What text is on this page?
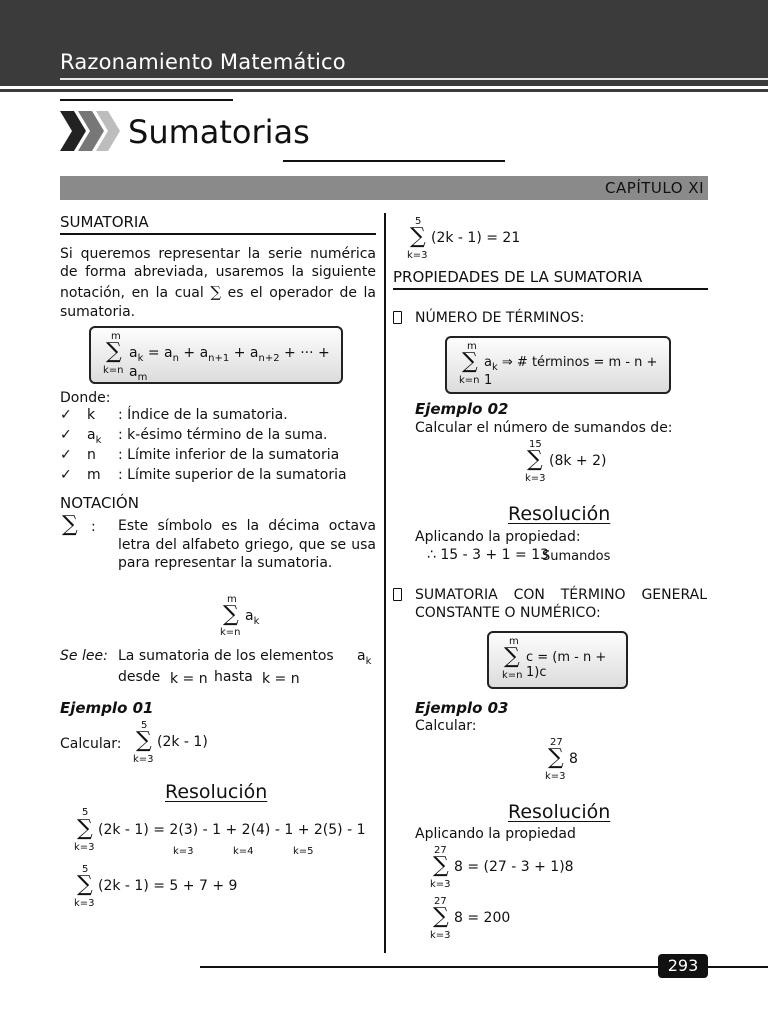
Razonamiento Matemático
Sumatorias
CAPÍTULO XI
SUMATORIA
Si queremos representar la serie numérica de forma abreviada, usaremos la siguiente notación, en la cual ∑ es el operador de la sumatoria.
m
∑
k=n
$a_k = a_n + a_{n+1} + a_{n+2}$ + ··· + $a_m$
Donde:
✓ k : Índice de la sumatoria.
✓ $a_k$ : k-ésimo término de la suma.
✓ n : Límite inferior de la sumatoria
✓ m : Límite superior de la sumatoria
NOTACIÓN
∑ : Este símbolo es la décima octava letra del alfabeto griego, que se usa para representar la sumatoria.
m
∑
k=n
$a_k$
Se lee: La sumatoria de los elementos $a_k$
desde k = n hasta k = n
Ejemplo 01
Calcular:
5
∑
k=3
(2k - 1)
Resolución
5
∑
k=3
(2k - 1) = 2(3) - 1 + 2(4) - 1 + 2(5) - 1
k=3	k=4	k=5
5
∑
k=3
(2k - 1) = 5 + 7 + 9
5
∑
k=3
(2k - 1) = 21
PROPIEDADES DE LA SUMATORIA
NÚMERO DE TÉRMINOS:
m
∑
k=n
$a_k$ ⇒ # términos = m - n + 1
Ejemplo 02
Calcular el número de sumandos de:
15
∑
k=3
(8k + 2)
Resolución
Aplicando la propiedad:
∴ 15 - 3 + 1 = 13
Sumandos
SUMATORIA CON TÉRMINO GENERAL CONSTANTE O NUMÉRICO:
m
∑
k=n
c = (m - n + 1)c
Ejemplo 03
Calcular:
27
∑
k=3
8
Resolución
Aplicando la propiedad
27
∑
k=3
8 = (27 - 3 + 1)8
27
∑
k=3
8 = 200
293
